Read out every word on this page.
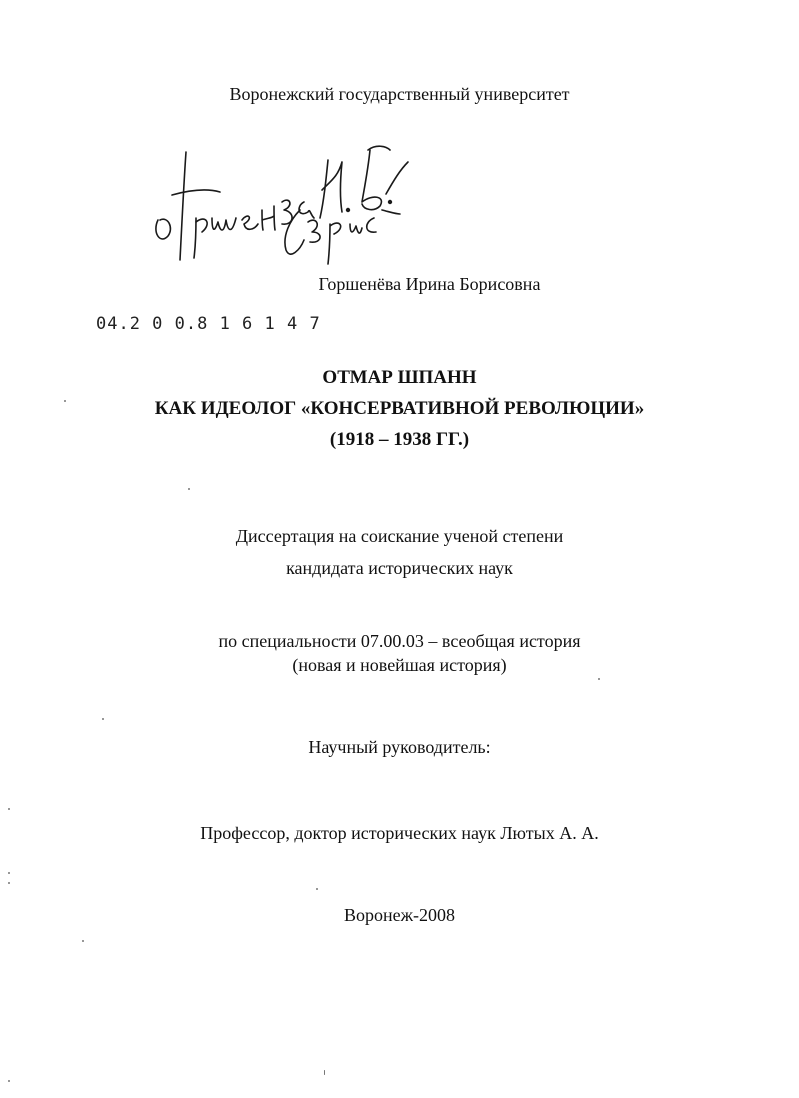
Воронежский государственный университет
Горшенёва Ирина Борисовна
04.2 0 0.8 1 6 1 4 7
ОТМАР ШПАНН
КАК ИДЕОЛОГ «КОНСЕРВАТИВНОЙ РЕВОЛЮЦИИ»
(1918 – 1938 ГГ.)
Диссертация на соискание ученой степени
кандидата исторических наук
по специальности 07.00.03 – всеобщая история
(новая и новейшая история)
Научный руководитель:
Профессор, доктор исторических наук Лютых А. А.
Воронеж-2008
